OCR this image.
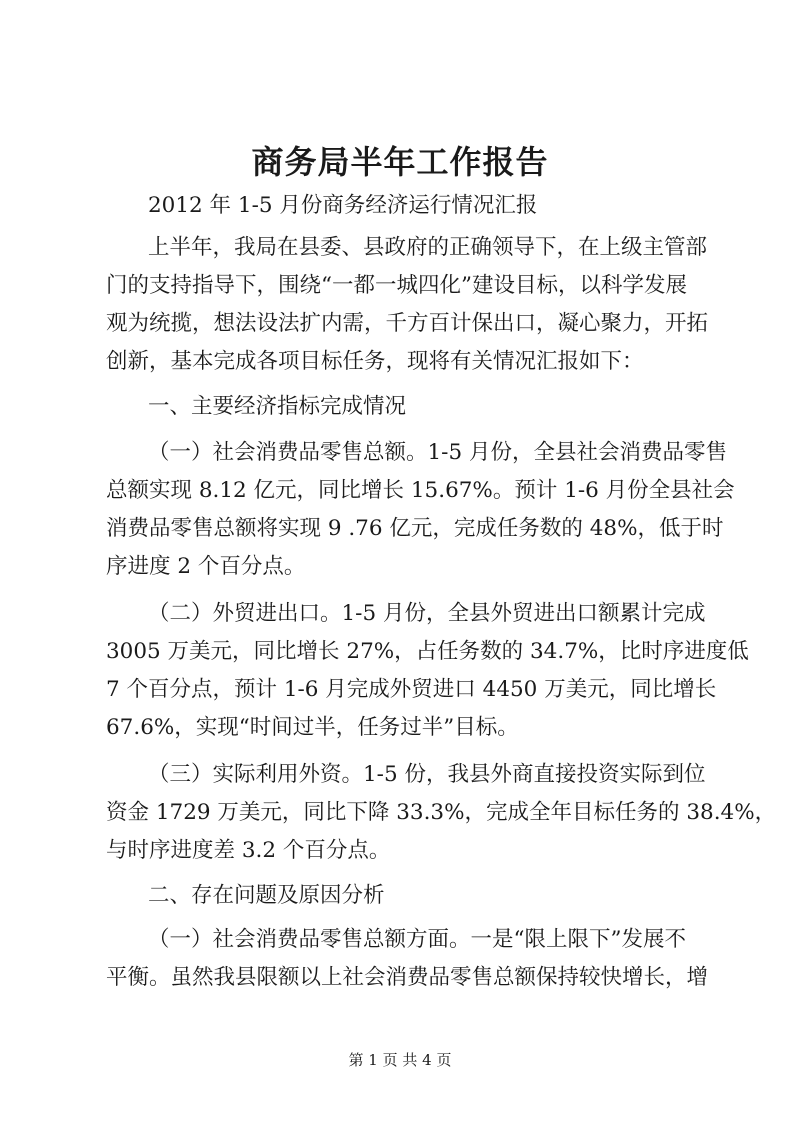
商务局半年工作报告
2012 年 1-5 月份商务经济运行情况汇报
上半年，我局在县委、县政府的正确领导下，在上级主管部
门的支持指导下，围绕“一都一城四化”建设目标，以科学发展
观为统揽，想法设法扩内需，千方百计保出口，凝心聚力，开拓
创新，基本完成各项目标任务，现将有关情况汇报如下：
一、主要经济指标完成情况
（一）社会消费品零售总额。1-5 月份，全县社会消费品零售
总额实现 8.12 亿元，同比增长 15.67%。预计 1-6 月份全县社会
消费品零售总额将实现 9 .76 亿元，完成任务数的 48%，低于时
序进度 2 个百分点。
（二）外贸进出口。1-5 月份，全县外贸进出口额累计完成
3005 万美元，同比增长 27%，占任务数的 34.7%，比时序进度低
7 个百分点，预计 1-6 月完成外贸进口 4450 万美元，同比增长
67.6%，实现“时间过半，任务过半”目标。
（三）实际利用外资。1-5 份，我县外商直接投资实际到位
资金 1729 万美元，同比下降 33.3%，完成全年目标任务的 38.4%，
与时序进度差 3.2 个百分点。
二、存在问题及原因分析
（一）社会消费品零售总额方面。一是“限上限下”发展不
平衡。虽然我县限额以上社会消费品零售总额保持较快增长，增
第 1 页 共 4 页
